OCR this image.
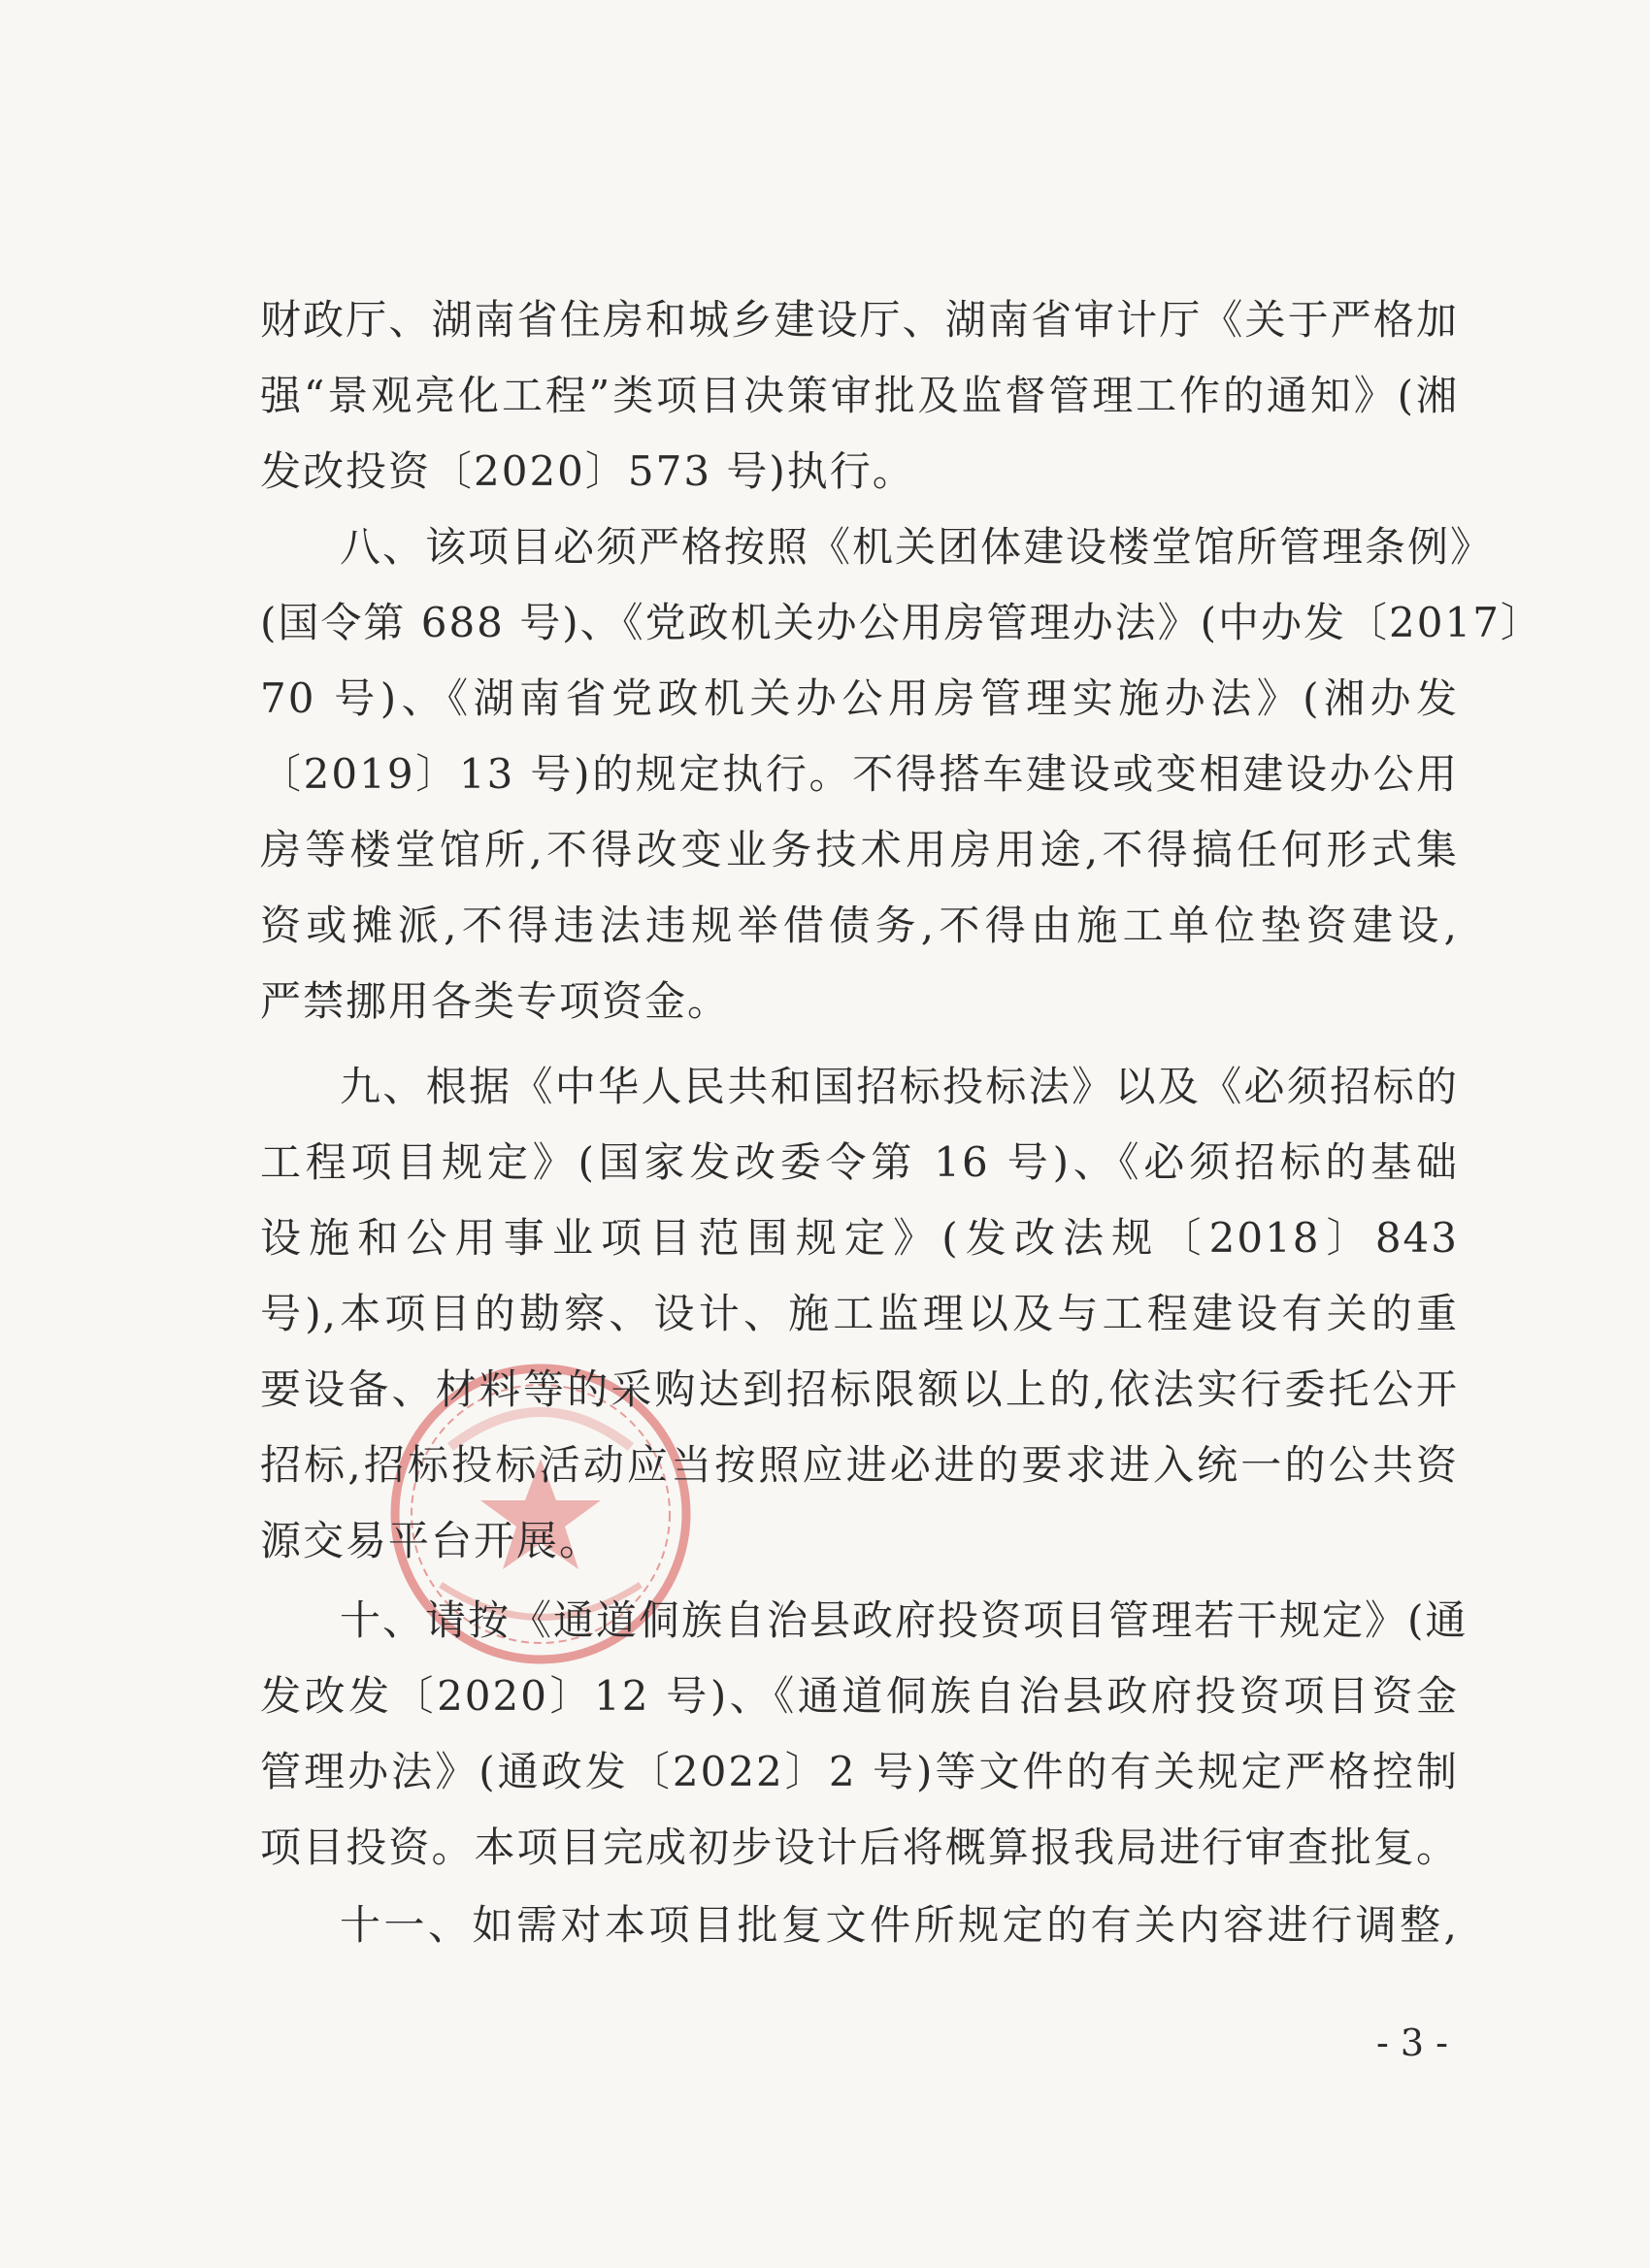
财政厅、湖南省住房和城乡建设厅、湖南省审计厅《关于严格加
强“景观亮化工程”类项目决策审批及监督管理工作的通知》(湘
发改投资〔2020〕573 号)执行。
八、该项目必须严格按照《机关团体建设楼堂馆所管理条例》
(国令第 688 号)、《党政机关办公用房管理办法》(中办发〔2017〕
70 号)、《湖南省党政机关办公用房管理实施办法》(湘办发
〔2019〕13 号)的规定执行。不得搭车建设或变相建设办公用
房等楼堂馆所,不得改变业务技术用房用途,不得搞任何形式集
资或摊派,不得违法违规举借债务,不得由施工单位垫资建设,
严禁挪用各类专项资金。
九、根据《中华人民共和国招标投标法》以及《必须招标的
工程项目规定》(国家发改委令第 16 号)、《必须招标的基础
设施和公用事业项目范围规定》(发改法规〔2018〕843
号),本项目的勘察、设计、施工监理以及与工程建设有关的重
要设备、材料等的采购达到招标限额以上的,依法实行委托公开
招标,招标投标活动应当按照应进必进的要求进入统一的公共资
源交易平台开展。
十、请按《通道侗族自治县政府投资项目管理若干规定》(通
发改发〔2020〕12 号)、《通道侗族自治县政府投资项目资金
管理办法》(通政发〔2022〕2 号)等文件的有关规定严格控制
项目投资。本项目完成初步设计后将概算报我局进行审查批复。
十一、如需对本项目批复文件所规定的有关内容进行调整,
- 3 -
